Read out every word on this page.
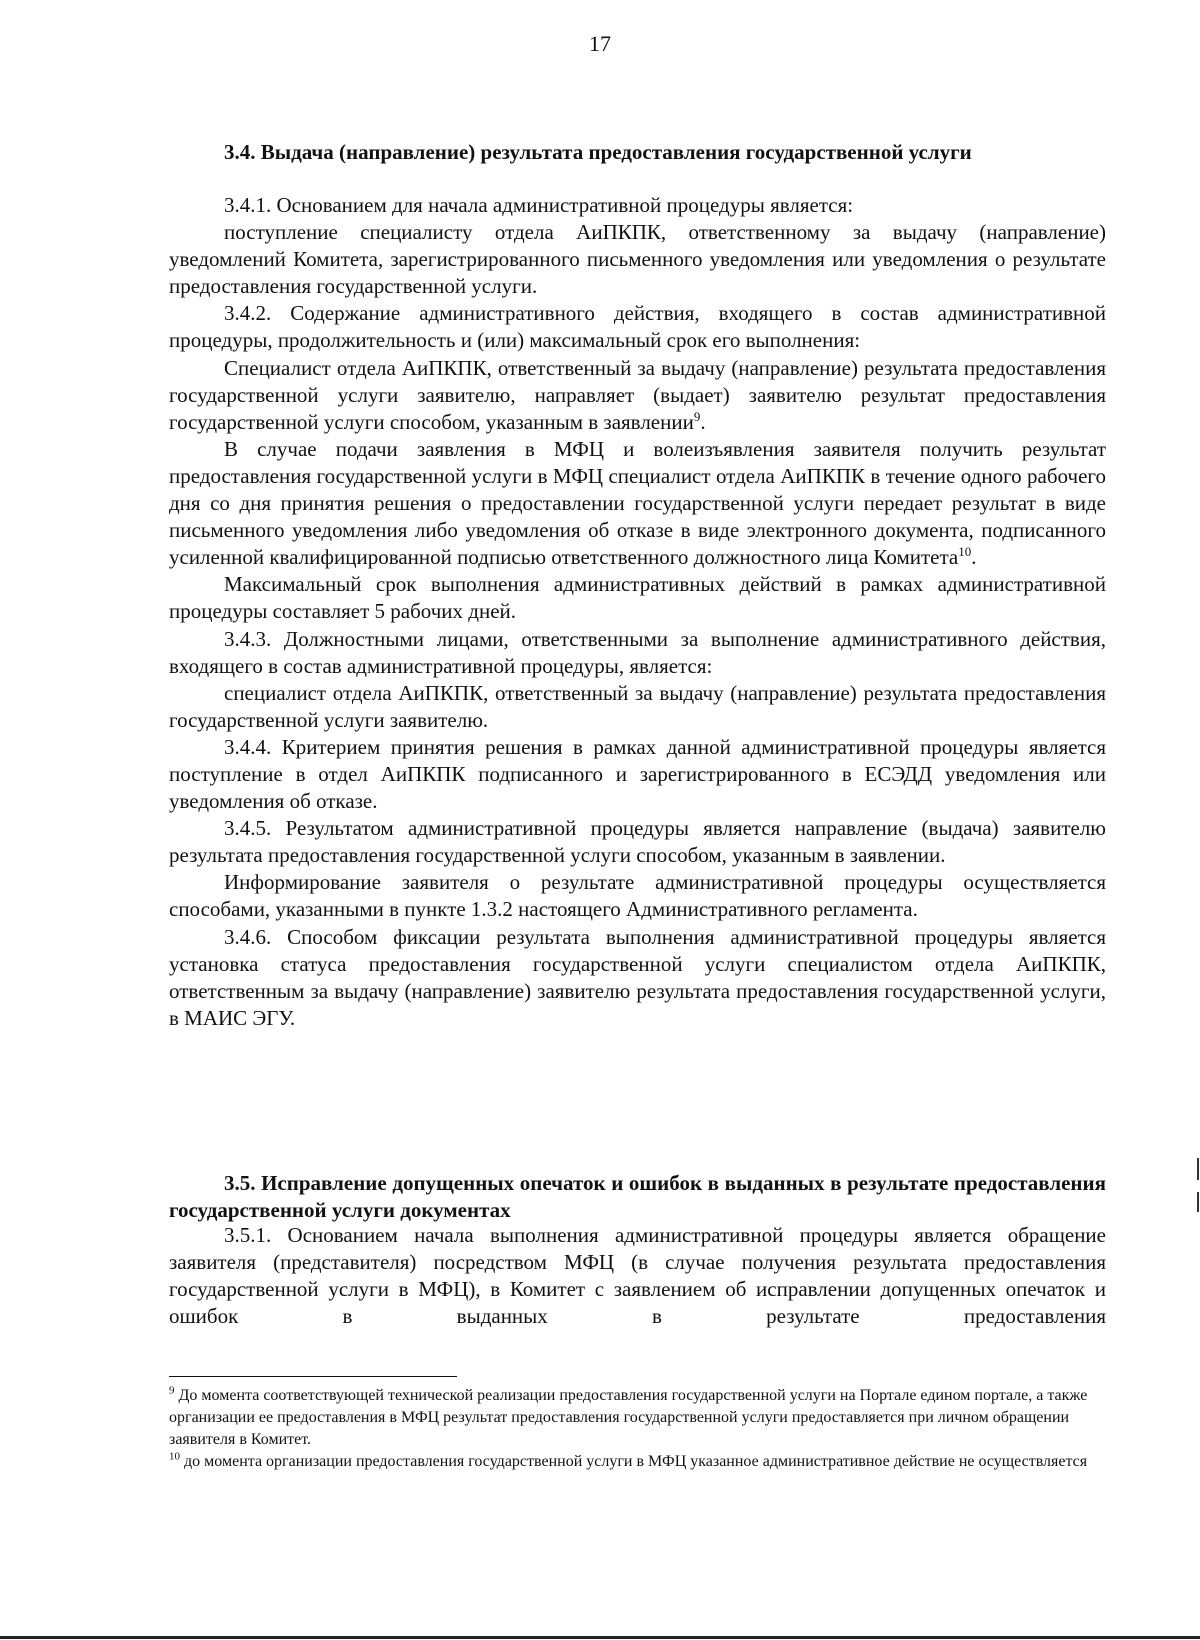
17
3.4. Выдача (направление) результата предоставления государственной услуги

3.4.1. Основанием для начала административной процедуры является:

поступление специалисту отдела АиПКПК, ответственному за выдачу (направление) уведомлений Комитета, зарегистрированного письменного уведомления или уведомления о результате предоставления государственной услуги.

3.4.2. Содержание административного действия, входящего в состав административной процедуры, продолжительность и (или) максимальный срок его выполнения:

Специалист отдела АиПКПК, ответственный за выдачу (направление) результата предоставления государственной услуги заявителю, направляет (выдает) заявителю результат предоставления государственной услуги способом, указанным в заявлении$^9$.

В случае подачи заявления в МФЦ и волеизъявления заявителя получить результат предоставления государственной услуги в МФЦ специалист отдела АиПКПК в течение одного рабочего дня со дня принятия решения о предоставлении государственной услуги передает результат в виде письменного уведомления либо уведомления об отказе в виде электронного документа, подписанного усиленной квалифицированной подписью ответственного должностного лица Комитета$^{10}$.

Максимальный срок выполнения административных действий в рамках административной процедуры составляет 5 рабочих дней.

3.4.3. Должностными лицами, ответственными за выполнение административного действия, входящего в состав административной процедуры, является:

специалист отдела АиПКПК, ответственный за выдачу (направление) результата предоставления государственной услуги заявителю.

3.4.4. Критерием принятия решения в рамках данной административной процедуры является поступление в отдел АиПКПК подписанного и зарегистрированного в ЕСЭДД уведомления или уведомления об отказе.

3.4.5. Результатом административной процедуры является направление (выдача) заявителю результата предоставления государственной услуги способом, указанным в заявлении.

Информирование заявителя о результате административной процедуры осуществляется способами, указанными в пункте 1.3.2 настоящего Административного регламента.

3.4.6. Способом фиксации результата выполнения административной процедуры является установка статуса предоставления государственной услуги специалистом отдела АиПКПК, ответственным за выдачу (направление) заявителю результата предоставления государственной услуги, в МАИС ЭГУ.

3.5. Исправление допущенных опечаток и ошибок в выданных в результате предоставления государственной услуги документах

3.5.1. Основанием начала выполнения административной процедуры является обращение заявителя (представителя) посредством МФЦ (в случае получения результата предоставления государственной услуги в МФЦ), в Комитет с заявлением об исправлении допущенных опечаток и ошибок в выданных в результате предоставления

$^9$ До момента соответствующей технической реализации предоставления государственной услуги на Портале едином портале, а также организации ее предоставления в МФЦ результат предоставления государственной услуги предоставляется при личном обращении заявителя в Комитет.

$^{10}$ до момента организации предоставления государственной услуги в МФЦ указанное административное действие не осуществляется
